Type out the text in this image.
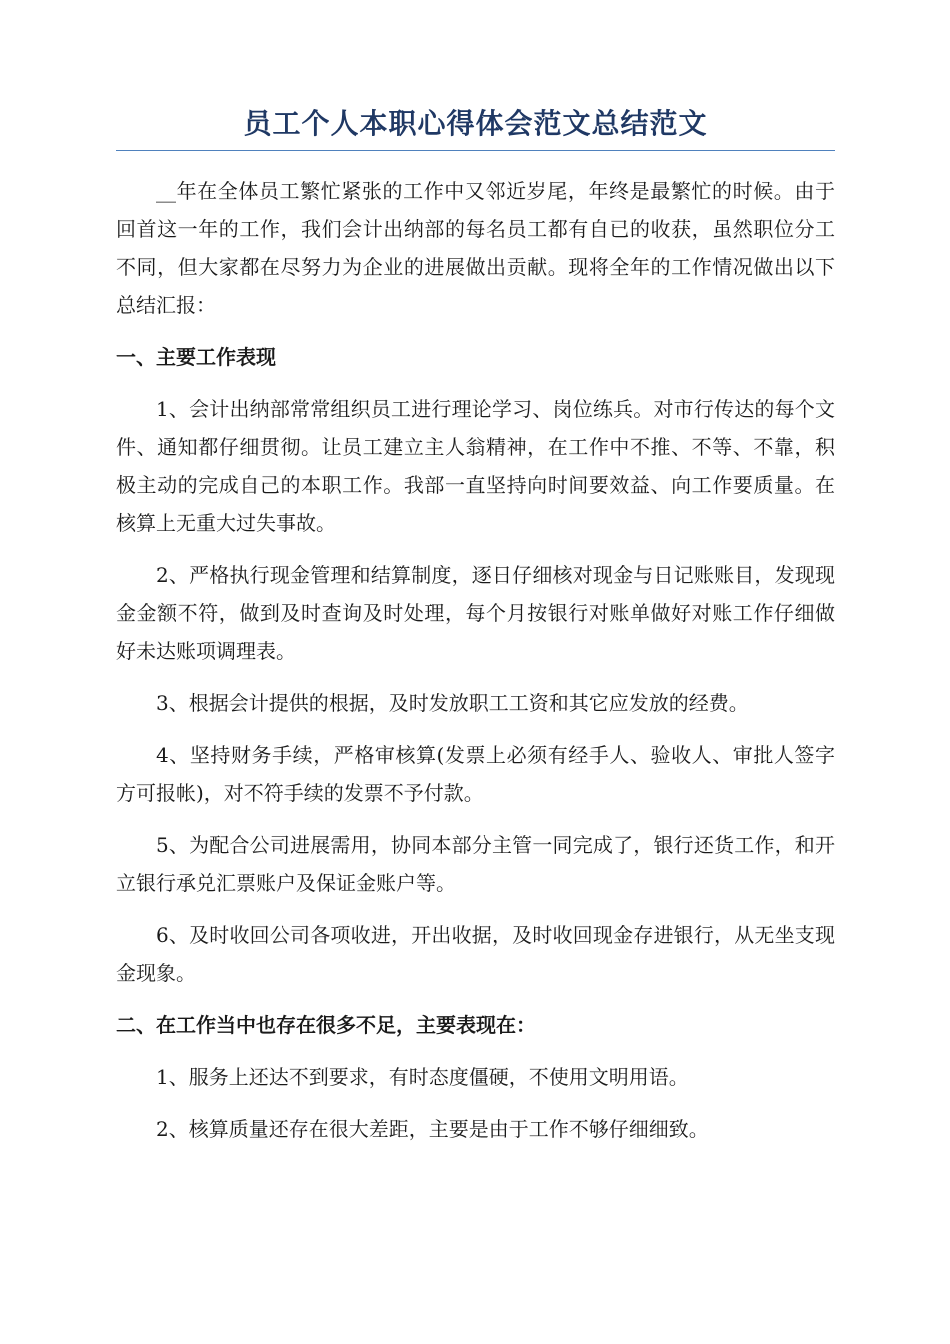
员工个人本职心得体会范文总结范文

__年在全体员工繁忙紧张的工作中又邻近岁尾，年终是最繁忙的时候。由于回首这一年的工作，我们会计出纳部的每名员工都有自已的收获，虽然职位分工不同，但大家都在尽努力为企业的进展做出贡献。现将全年的工作情况做出以下总结汇报：

一、主要工作表现

1、会计出纳部常常组织员工进行理论学习、岗位练兵。对市行传达的每个文件、通知都仔细贯彻。让员工建立主人翁精神，在工作中不推、不等、不靠，积极主动的完成自己的本职工作。我部一直坚持向时间要效益、向工作要质量。在核算上无重大过失事故。

2、严格执行现金管理和结算制度，逐日仔细核对现金与日记账账目，发现现金金额不符，做到及时查询及时处理，每个月按银行对账单做好对账工作仔细做好未达账项调理表。

3、根据会计提供的根据，及时发放职工工资和其它应发放的经费。

4、坚持财务手续，严格审核算(发票上必须有经手人、验收人、审批人签字方可报帐)，对不符手续的发票不予付款。

5、为配合公司进展需用，协同本部分主管一同完成了，银行还货工作，和开立银行承兑汇票账户及保证金账户等。

6、及时收回公司各项收进，开出收据，及时收回现金存进银行，从无坐支现金现象。

二、在工作当中也存在很多不足，主要表现在：

1、服务上还达不到要求，有时态度僵硬，不使用文明用语。

2、核算质量还存在很大差距，主要是由于工作不够仔细细致。
